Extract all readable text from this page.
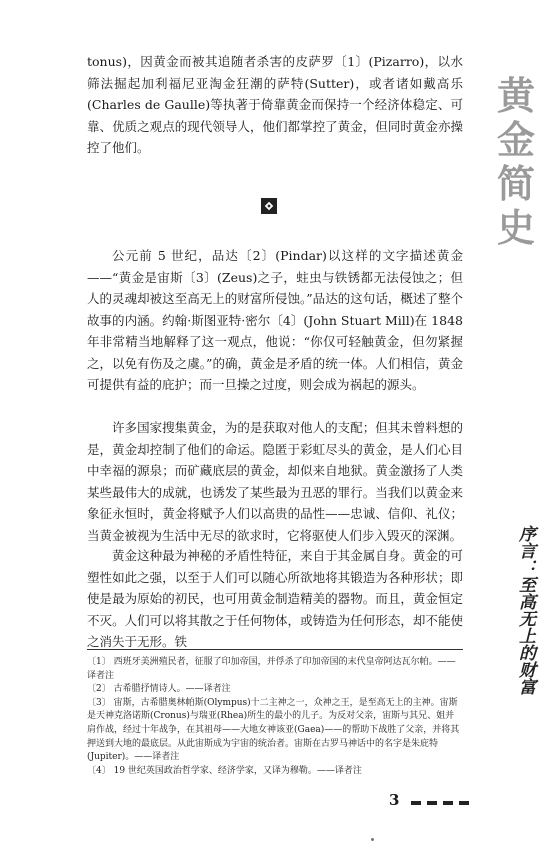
tonus)，因黄金而被其追随者杀害的皮萨罗〔1〕(Pizarro)，以水筛法掘起加利福尼亚淘金狂潮的萨特(Sutter)，或者诸如戴高乐(Charles de Gaulle)等执著于倚靠黄金而保持一个经济体稳定、可靠、优质之观点的现代领导人，他们都掌控了黄金，但同时黄金亦操控了他们。

公元前 5 世纪，品达〔2〕(Pindar)以这样的文字描述黄金——“黄金是宙斯〔3〕(Zeus)之子，蛀虫与铁锈都无法侵蚀之；但人的灵魂却被这至高无上的财富所侵蚀。”品达的这句话，概述了整个故事的内涵。约翰·斯图亚特·密尔〔4〕(John Stuart Mill)在 1848 年非常精当地解释了这一观点，他说：“你仅可轻触黄金，但勿紧握之，以免有伤及之虞。”的确，黄金是矛盾的统一体。人们相信，黄金可提供有益的庇护；而一旦操之过度，则会成为祸起的源头。

许多国家搜集黄金，为的是获取对他人的支配；但其未曾料想的是，黄金却控制了他们的命运。隐匿于彩虹尽头的黄金，是人们心目中幸福的源泉；而矿藏底层的黄金，却似来自地狱。黄金激扬了人类某些最伟大的成就，也诱发了某些最为丑恶的罪行。当我们以黄金来象征永恒时，黄金将赋予人们以高贵的品性——忠诚、信仰、礼仪；当黄金被视为生活中无尽的欲求时，它将驱使人们步入毁灭的深渊。

黄金这种最为神秘的矛盾性特征，来自于其金属自身。黄金的可塑性如此之强，以至于人们可以随心所欲地将其锻造为各种形状；即使是最为原始的初民，也可用黄金制造精美的器物。而且，黄金恒定不灭。人们可以将其散之于任何物体，或铸造为任何形态，却不能使之消失于无形。铁

黄
金
简
史
序言：至高无上的财富

〔1〕 西班牙美洲殖民者，征服了印加帝国，并俘杀了印加帝国的末代皇帝阿达瓦尔帕。——译者注

〔2〕 古希腊抒情诗人。——译者注

〔3〕 宙斯，古希腊奥林帕斯(Olympus)十二主神之一，众神之王，是至高无上的主神。宙斯是天神克洛诺斯(Cronus)与瑞亚(Rhea)所生的最小的儿子。为反对父亲，宙斯与其兄、姐并肩作战，经过十年战争，在其祖母——大地女神该亚(Gaea)——的帮助下战胜了父亲，并将其押送到大地的最底层。从此宙斯成为宇宙的统治者。宙斯在古罗马神话中的名字是朱庇特(Jupiter)。——译者注

〔4〕 19 世纪英国政治哲学家、经济学家，又译为穆勒。——译者注

3
